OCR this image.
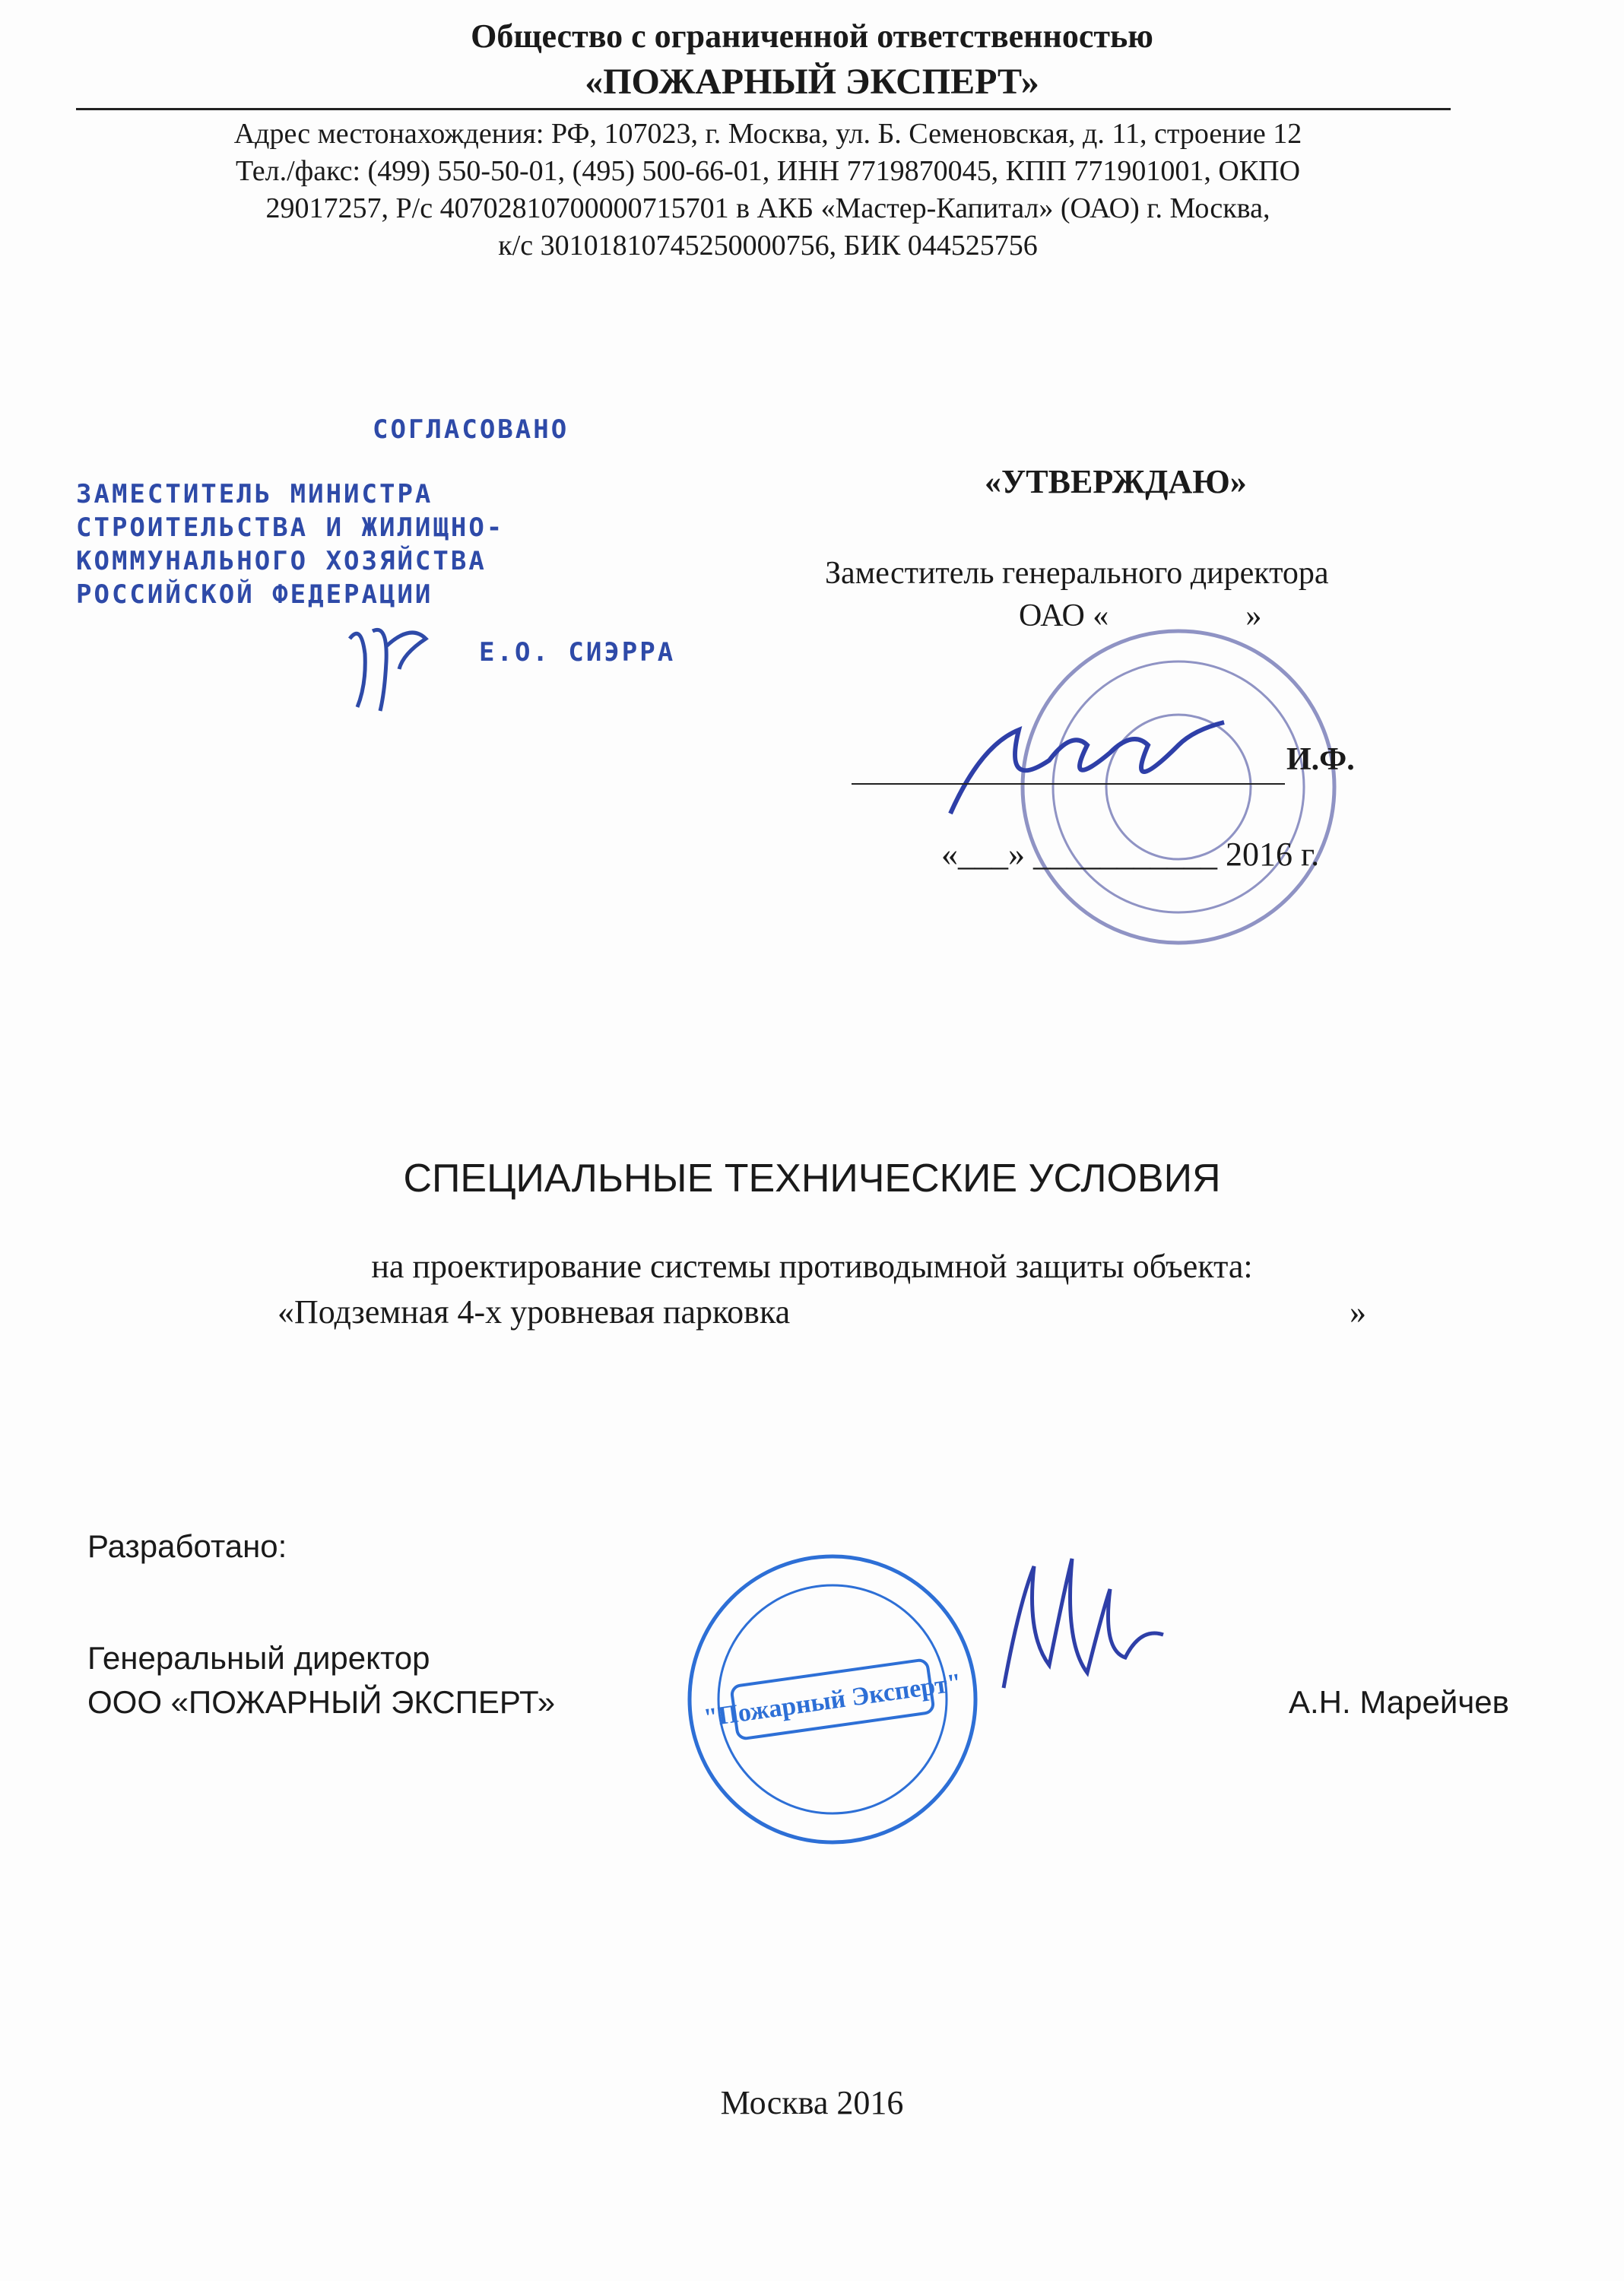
Общество с ограниченной ответственностью
«ПОЖАРНЫЙ ЭКСПЕРТ»
Адрес местонахождения: РФ, 107023, г. Москва, ул. Б. Семеновская, д. 11, строение 12
Тел./факс: (499) 550-50-01, (495) 500-66-01, ИНН 7719870045, КПП 771901001, ОКПО
29017257, Р/с 40702810700000715701 в АКБ «Мастер-Капитал» (ОАО) г. Москва,
к/с 30101810745250000756, БИК 044525756
СОГЛАСОВАНО
ЗАМЕСТИТЕЛЬ МИНИСТРА
СТРОИТЕЛЬСТВА И ЖИЛИЩНО-
КОММУНАЛЬНОГО ХОЗЯЙСТВА
РОССИЙСКОЙ ФЕДЕРАЦИИ
Е.О. СИЭРРА
«УТВЕРЖДАЮ»
Заместитель генерального директора
ОАО «	»
И.Ф.
«___» ___________ 2016 г.
СПЕЦИАЛЬНЫЕ ТЕХНИЧЕСКИЕ УСЛОВИЯ
на проектирование системы противодымной защиты объекта:
«Подземная 4-х уровневая парковка	»
"Пожарный Эксперт"
Разработано:
Генеральный директор
ООО «ПОЖАРНЫЙ ЭКСПЕРТ»	А.Н. Марейчев
Москва 2016
